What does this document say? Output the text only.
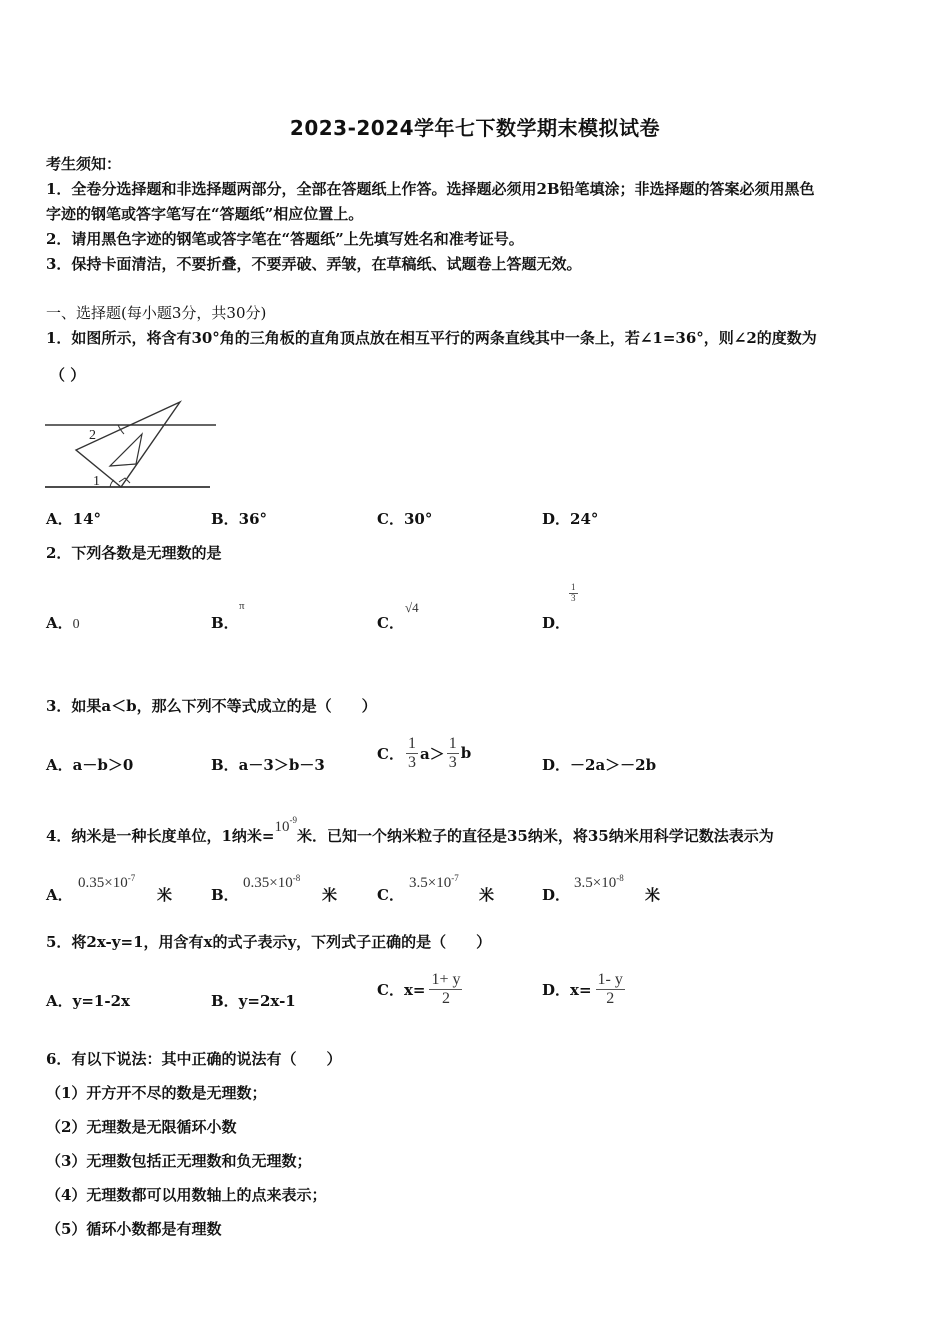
2023-2024学年七下数学期末模拟试卷
考生须知：
1．全卷分选择题和非选择题两部分，全部在答题纸上作答。选择题必须用2B铅笔填涂；非选择题的答案必须用黑色
字迹的钢笔或答字笔写在“答题纸”相应位置上。
2．请用黑色字迹的钢笔或答字笔在“答题纸”上先填写姓名和准考证号。
3．保持卡面清洁，不要折叠，不要弄破、弄皱，在草稿纸、试题卷上答题无效。
一、选择题(每小题3分，共30分)
1．如图所示，将含有30°角的三角板的直角顶点放在相互平行的两条直线其中一条上，若∠1=36°，则∠2的度数为
（ ）
2
1
A．14°	B．36°	C．30°	D．24°
2．下列各数是无理数的是
A．0	B．
π
C．
√4
D．
$\frac{1}{3}$
3．如果a＜b，那么下列不等式成立的是（　　）
A．a－b＞0	B．a－3＞b－3
C． $\frac{1}{3} a> \frac{1}{3}$ b
D．－2a＞－2b
4．纳米是一种长度单位，1纳米$=10^{-9}$米．已知一个纳米粒子的直径是35纳米，将35纳米用科学记数法表示为
A．
$0.35\times 10^{-7}$
米	B．
$0.35\times 10^{-8}$
米	C．
$3.5\times 10^{-7}$
米	D．
$3.5\times 10^{-8}$
米
5．将2x-y=1，用含有x的式子表示y，下列式子正确的是（　　）
A．y=1-2x	B．y=2x-1
C．$x= \frac{1+ y}{2}$	D．$x= \frac{1- y}{2}$
6．有以下说法：其中正确的说法有（　　）
（1）开方开不尽的数是无理数；
（2）无理数是无限循环小数
（3）无理数包括正无理数和负无理数；
（4）无理数都可以用数轴上的点来表示；
（5）循环小数都是有理数
